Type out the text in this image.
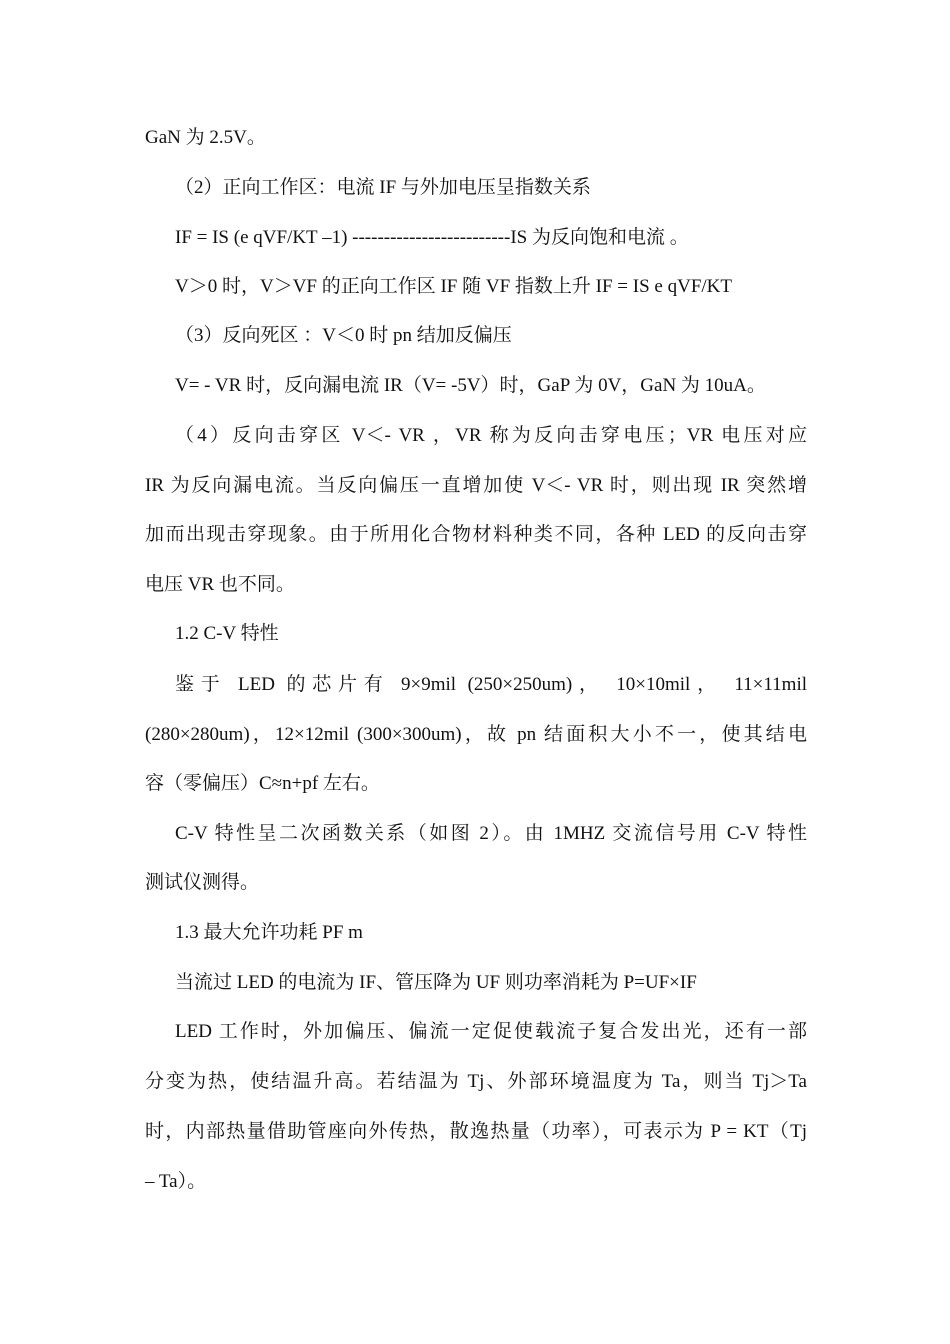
GaN 为 2.5V。
（2）正向工作区：电流 IF 与外加电压呈指数关系
IF = IS (e qVF/KT –1) -------------------------IS 为反向饱和电流 。
V＞0 时，V＞VF 的正向工作区 IF 随 VF 指数上升 IF = IS e qVF/KT
（3）反向死区 ：V＜0 时 pn 结加反偏压
V= - VR 时，反向漏电流 IR（V= -5V）时，GaP 为 0V，GaN 为 10uA。
（4）反向击穿区 V＜- VR ，VR 称为反向击穿电压；VR 电压对应
IR 为反向漏电流。当反向偏压一直增加使 V＜- VR 时，则出现 IR 突然增
加而出现击穿现象。由于所用化合物材料种类不同，各种 LED 的反向击穿
电压 VR 也不同。
1.2 C-V 特性
鉴于 LED 的芯片有 9×9mil (250×250um)， 10×10mil， 11×11mil
(280×280um)，12×12mil (300×300um)，故 pn 结面积大小不一，使其结电
容（零偏压）C≈n+pf 左右。
C-V 特性呈二次函数关系（如图 2）。由 1MHZ 交流信号用 C-V 特性
测试仪测得。
1.3 最大允许功耗 PF m
当流过 LED 的电流为 IF、管压降为 UF 则功率消耗为 P=UF×IF
LED 工作时，外加偏压、偏流一定促使载流子复合发出光，还有一部
分变为热，使结温升高。若结温为 Tj、外部环境温度为 Ta，则当 Tj＞Ta
时，内部热量借助管座向外传热，散逸热量（功率），可表示为 P = KT（Tj
– Ta）。
